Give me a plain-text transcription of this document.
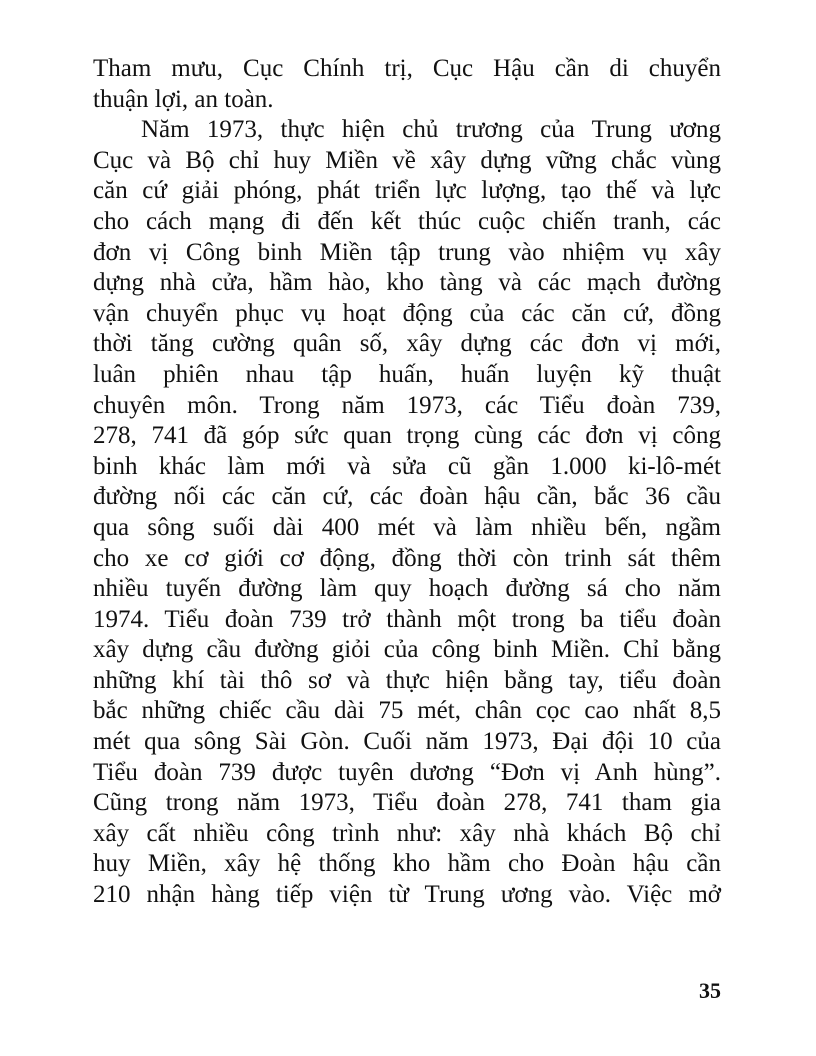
Tham mưu, Cục Chính trị, Cục Hậu cần di chuyển
thuận lợi, an toàn.

Năm 1973, thực hiện chủ trương của Trung ương
Cục và Bộ chỉ huy Miền về xây dựng vững chắc vùng
căn cứ giải phóng, phát triển lực lượng, tạo thế và lực
cho cách mạng đi đến kết thúc cuộc chiến tranh, các
đơn vị Công binh Miền tập trung vào nhiệm vụ xây
dựng nhà cửa, hầm hào, kho tàng và các mạch đường
vận chuyển phục vụ hoạt động của các căn cứ, đồng
thời tăng cường quân số, xây dựng các đơn vị mới,
luân phiên nhau tập huấn, huấn luyện kỹ thuật
chuyên môn. Trong năm 1973, các Tiểu đoàn 739,
278, 741 đã góp sức quan trọng cùng các đơn vị công
binh khác làm mới và sửa cũ gần 1.000 ki-lô-mét
đường nối các căn cứ, các đoàn hậu cần, bắc 36 cầu
qua sông suối dài 400 mét và làm nhiều bến, ngầm
cho xe cơ giới cơ động, đồng thời còn trinh sát thêm
nhiều tuyến đường làm quy hoạch đường sá cho năm
1974. Tiểu đoàn 739 trở thành một trong ba tiểu đoàn
xây dựng cầu đường giỏi của công binh Miền. Chỉ bằng
những khí tài thô sơ và thực hiện bằng tay, tiểu đoàn
bắc những chiếc cầu dài 75 mét, chân cọc cao nhất 8,5
mét qua sông Sài Gòn. Cuối năm 1973, Đại đội 10 của
Tiểu đoàn 739 được tuyên dương “Đơn vị Anh hùng”.
Cũng trong năm 1973, Tiểu đoàn 278, 741 tham gia
xây cất nhiều công trình như: xây nhà khách Bộ chỉ
huy Miền, xây hệ thống kho hầm cho Đoàn hậu cần
210 nhận hàng tiếp viện từ Trung ương vào. Việc mở

35
